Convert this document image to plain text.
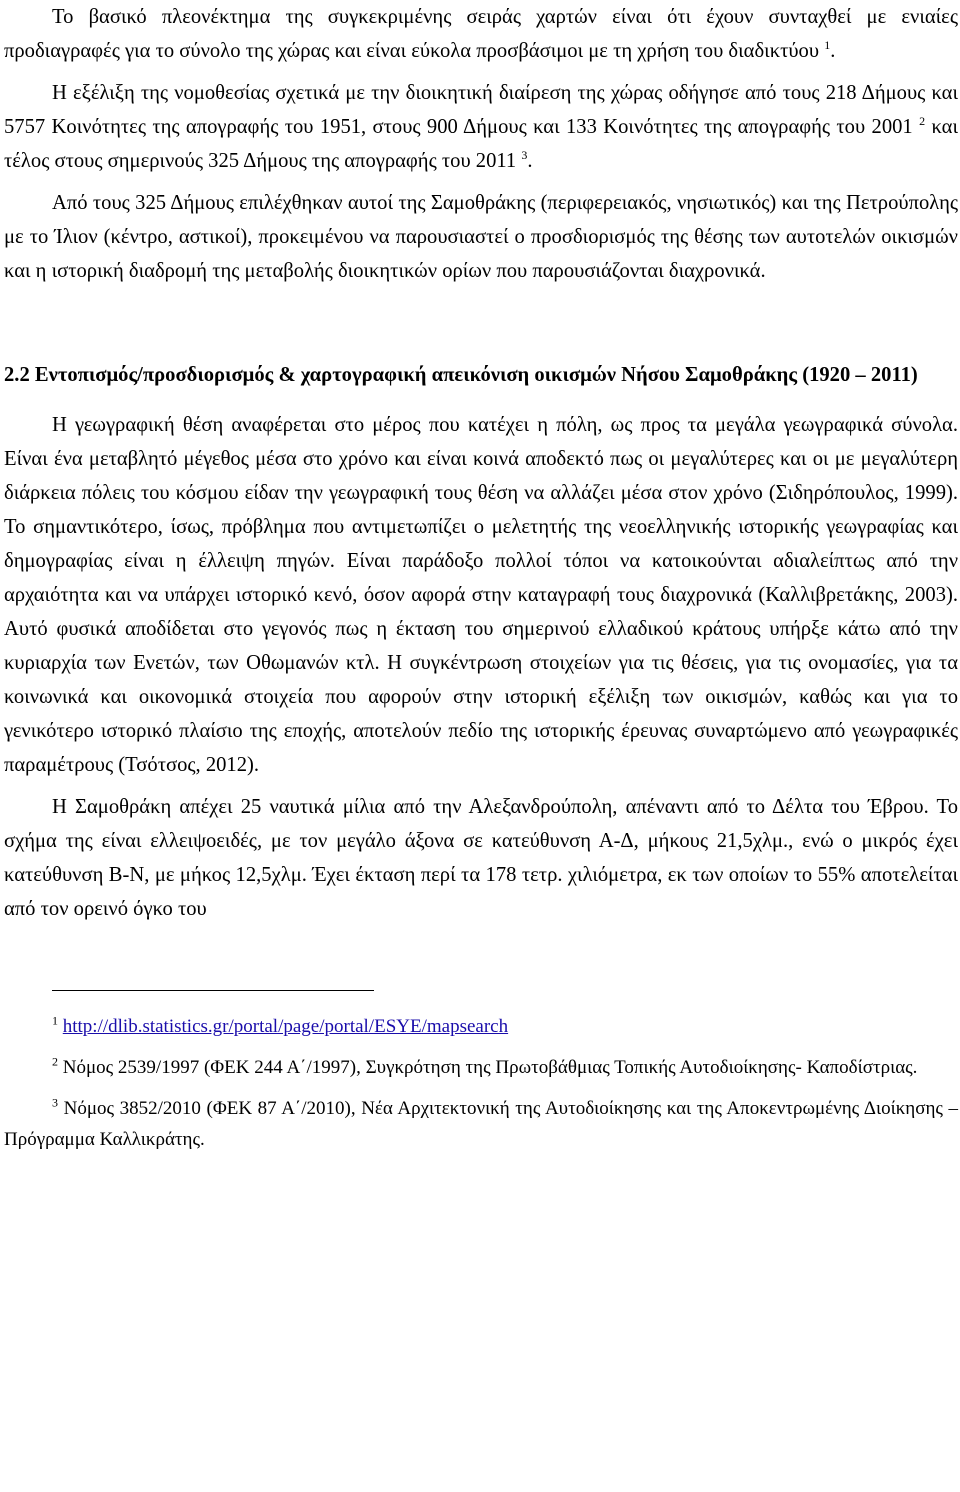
Το βασικό πλεονέκτημα της συγκεκριμένης σειράς χαρτών είναι ότι έχουν συνταχθεί με ενιαίες προδιαγραφές για το σύνολο της χώρας και είναι εύκολα προσβάσιμοι με τη χρήση του διαδικτύου $^1$.

Η εξέλιξη της νομοθεσίας σχετικά με την διοικητική διαίρεση της χώρας οδήγησε από τους 218 Δήμους και 5757 Κοινότητες της απογραφής του 1951, στους 900 Δήμους και 133 Κοινότητες της απογραφής του 2001 $^2$ και τέλος στους σημερινούς 325 Δήμους της απογραφής του 2011 $^3$.

Από τους 325 Δήμους επιλέχθηκαν αυτοί της Σαμοθράκης (περιφερειακός, νησιωτικός) και της Πετρούπολης με το Ίλιον (κέντρο, αστικοί), προκειμένου να παρουσιαστεί ο προσδιορισμός της θέσης των αυτοτελών οικισμών και η ιστορική διαδρομή της μεταβολής διοικητικών ορίων που παρουσιάζονται διαχρονικά.

2.2 Εντοπισμός/προσδιορισμός & χαρτογραφική απεικόνιση οικισμών Νήσου Σαμοθράκης (1920 – 2011)

Η γεωγραφική θέση αναφέρεται στο μέρος που κατέχει η πόλη, ως προς τα μεγάλα γεωγραφικά σύνολα. Είναι ένα μεταβλητό μέγεθος μέσα στο χρόνο και είναι κοινά αποδεκτό πως οι μεγαλύτερες και οι με μεγαλύτερη διάρκεια πόλεις του κόσμου είδαν την γεωγραφική τους θέση να αλλάζει μέσα στον χρόνο (Σιδηρόπουλος, 1999). Το σημαντικότερο, ίσως, πρόβλημα που αντιμετωπίζει ο μελετητής της νεοελληνικής ιστορικής γεωγραφίας και δημογραφίας είναι η έλλειψη πηγών. Είναι παράδοξο πολλοί τόποι να κατοικούνται αδιαλείπτως από την αρχαιότητα και να υπάρχει ιστορικό κενό, όσον αφορά στην καταγραφή τους διαχρονικά (Καλλιβρετάκης, 2003). Αυτό φυσικά αποδίδεται στο γεγονός πως η έκταση του σημερινού ελλαδικού κράτους υπήρξε κάτω από την κυριαρχία των Ενετών, των Οθωμανών κτλ. Η συγκέντρωση στοιχείων για τις θέσεις, για τις ονομασίες, για τα κοινωνικά και οικονομικά στοιχεία που αφορούν στην ιστορική εξέλιξη των οικισμών, καθώς και για το γενικότερο ιστορικό πλαίσιο της εποχής, αποτελούν πεδίο της ιστορικής έρευνας συναρτώμενο από γεωγραφικές παραμέτρους (Τσότσος, 2012).

Η Σαμοθράκη απέχει 25 ναυτικά μίλια από την Αλεξανδρούπολη, απέναντι από το Δέλτα του Έβρου. Το σχήμα της είναι ελλειψοειδές, με τον μεγάλο άξονα σε κατεύθυνση Α-Δ, μήκους 21,5χλμ., ενώ ο μικρός έχει κατεύθυνση Β-Ν, με μήκος 12,5χλμ. Έχει έκταση περί τα 178 τετρ. χιλιόμετρα, εκ των οποίων το 55% αποτελείται από τον ορεινό όγκο του

$^1$ http://dlib.statistics.gr/portal/page/portal/ESYE/mapsearch

$^2$ Νόμος 2539/1997 (ΦΕΚ 244 Α΄/1997), Συγκρότηση της Πρωτοβάθμιας Τοπικής Αυτοδιοίκησης- Καποδίστριας.

$^3$ Νόμος 3852/2010 (ΦΕΚ 87 Α΄/2010), Νέα Αρχιτεκτονική της Αυτοδιοίκησης και της Αποκεντρωμένης Διοίκησης – Πρόγραμμα Καλλικράτης.
